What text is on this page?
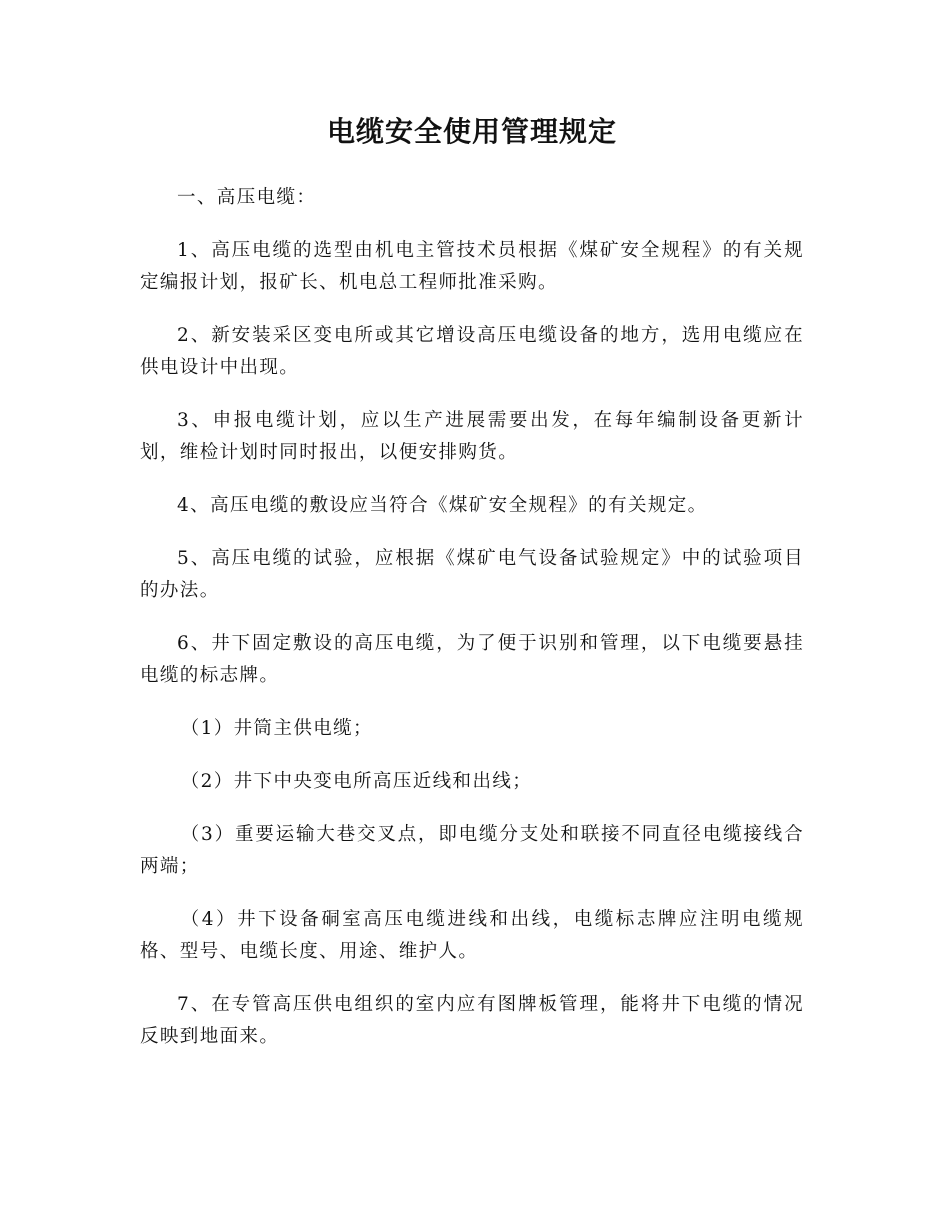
电缆安全使用管理规定

一、高压电缆：

1、高压电缆的选型由机电主管技术员根据《煤矿安全规程》的有关规定编报计划，报矿长、机电总工程师批准采购。

2、新安装采区变电所或其它增设高压电缆设备的地方，选用电缆应在供电设计中出现。

3、申报电缆计划，应以生产进展需要出发，在每年编制设备更新计划，维检计划时同时报出，以便安排购货。

4、高压电缆的敷设应当符合《煤矿安全规程》的有关规定。

5、高压电缆的试验，应根据《煤矿电气设备试验规定》中的试验项目的办法。

6、井下固定敷设的高压电缆，为了便于识别和管理，以下电缆要悬挂电缆的标志牌。

（1）井筒主供电缆；

（2）井下中央变电所高压近线和出线；

（3）重要运输大巷交叉点，即电缆分支处和联接不同直径电缆接线合两端；

（4）井下设备硐室高压电缆进线和出线，电缆标志牌应注明电缆规格、型号、电缆长度、用途、维护人。

7、在专管高压供电组织的室内应有图牌板管理，能将井下电缆的情况反映到地面来。
